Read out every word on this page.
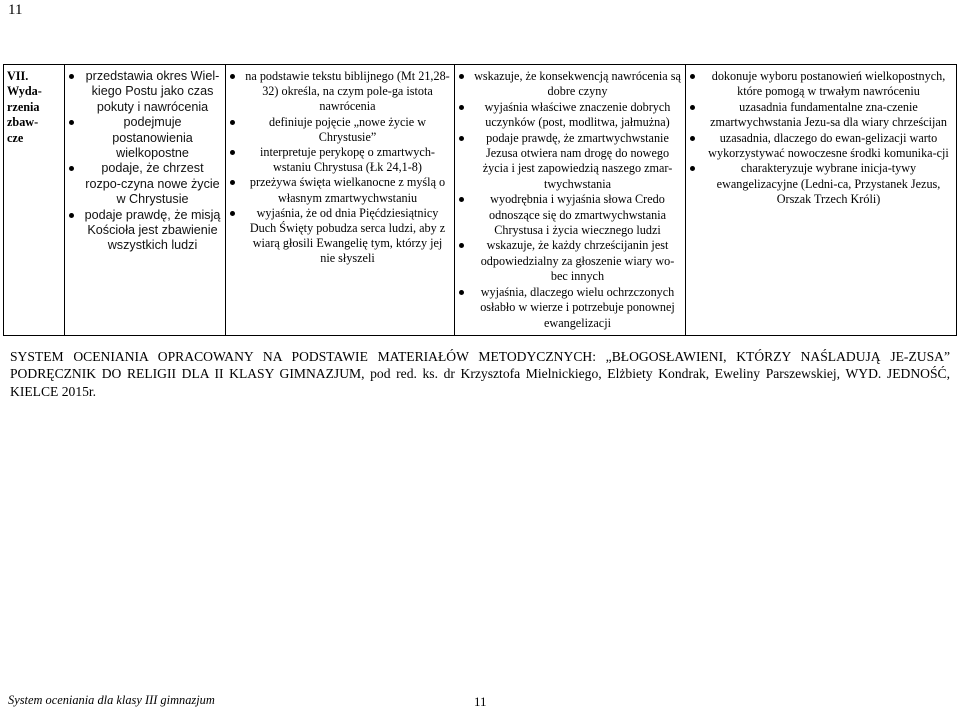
11
VII.
Wyda-
rzenia
zbaw-
cze

przedstawia okres Wiel-kiego Postu jako czas pokuty i nawrócenia
podejmuje postanowienia wielkopostne
podaje, że chrzest rozpo-czyna nowe życie w Chrystusie
podaje prawdę, że misją Kościoła jest zbawienie wszystkich ludzi

na podstawie tekstu biblijnego (Mt 21,28-32) określa, na czym pole-ga istota nawrócenia
definiuje pojęcie „nowe życie w Chrystusie”
interpretuje perykopę o zmartwych-wstaniu Chrystusa (Łk 24,1-8)
przeżywa święta wielkanocne z myślą o własnym zmartwychwstaniu
wyjaśnia, że od dnia Pięćdziesiątnicy Duch Święty pobudza serca ludzi, aby z wiarą głosili Ewangelię tym, którzy jej nie słyszeli

wskazuje, że konsekwencją nawrócenia są dobre czyny
wyjaśnia właściwe znaczenie dobrych uczynków (post, modlitwa, jałmużna)
podaje prawdę, że zmartwychwstanie Jezusa otwiera nam drogę do nowego życia i jest zapowiedzią naszego zmar-twychwstania
wyodrębnia i wyjaśnia słowa Credo odnoszące się do zmartwychwstania Chrystusa i życia wiecznego ludzi
wskazuje, że każdy chrześcijanin jest odpowiedzialny za głoszenie wiary wo-bec innych
wyjaśnia, dlaczego wielu ochrzczonych osłabło w wierze i potrzebuje ponownej ewangelizacji

dokonuje wyboru postanowień wielkopostnych, które pomogą w trwałym nawróceniu
uzasadnia fundamentalne zna-czenie zmartwychwstania Jezu-sa dla wiary chrześcijan
uzasadnia, dlaczego do ewan-gelizacji warto wykorzystywać nowoczesne środki komunika-cji
charakteryzuje wybrane inicja-tywy ewangelizacyjne (Ledni-ca, Przystanek Jezus, Orszak Trzech Króli)
SYSTEM OCENIANIA OPRACOWANY NA PODSTAWIE MATERIAŁÓW METODYCZNYCH: „BŁOGOSŁAWIENI, KTÓRZY NAŚLADUJĄ JE-ZUSA” PODRĘCZNIK DO RELIGII DLA II KLASY GIMNAZJUM, pod red. ks. dr Krzysztofa Mielnickiego, Elżbiety Kondrak, Eweliny Parszewskiej, WYD. JEDNOŚĆ, KIELCE 2015r.
System oceniania dla klasy III gimnazjum	11
